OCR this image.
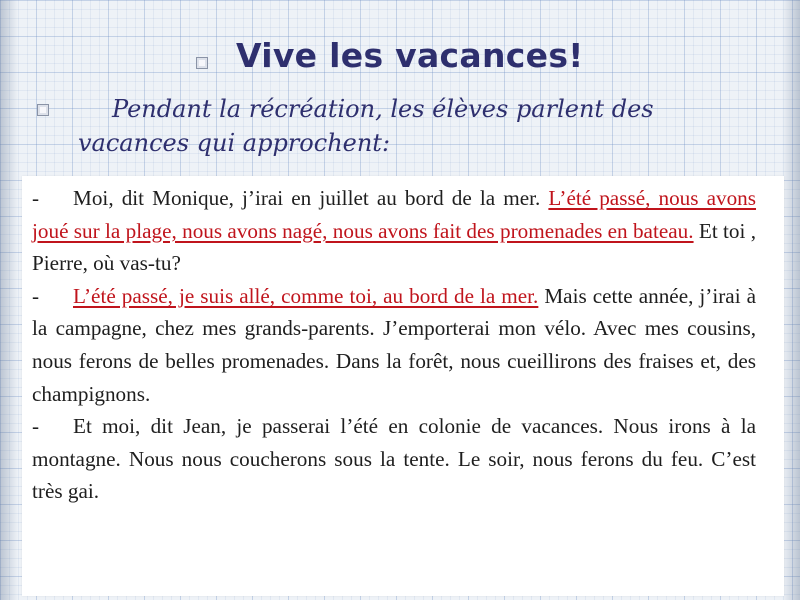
Vive les vacances!
Pendant la récréation, les élèves parlent des vacances qui approchent:

- Moi, dit Monique, j’irai en juillet au bord de la mer. L’été passé, nous avons joué sur la plage, nous avons nagé, nous avons fait des promenades en bateau. Et toi , Pierre, où vas-tu?

- L’été passé, je suis allé, comme toi, au bord de la mer. Mais cette année, j’irai à la campagne, chez mes grands-parents. J’emporterai mon vélo. Avec mes cousins, nous ferons de belles promenades. Dans la forêt, nous cueillirons des fraises et, des champignons.

- Et moi, dit Jean, je passerai l’été en colonie de vacances. Nous irons à la montagne. Nous nous coucherons sous la tente. Le soir, nous ferons du feu. C’est très gai.
